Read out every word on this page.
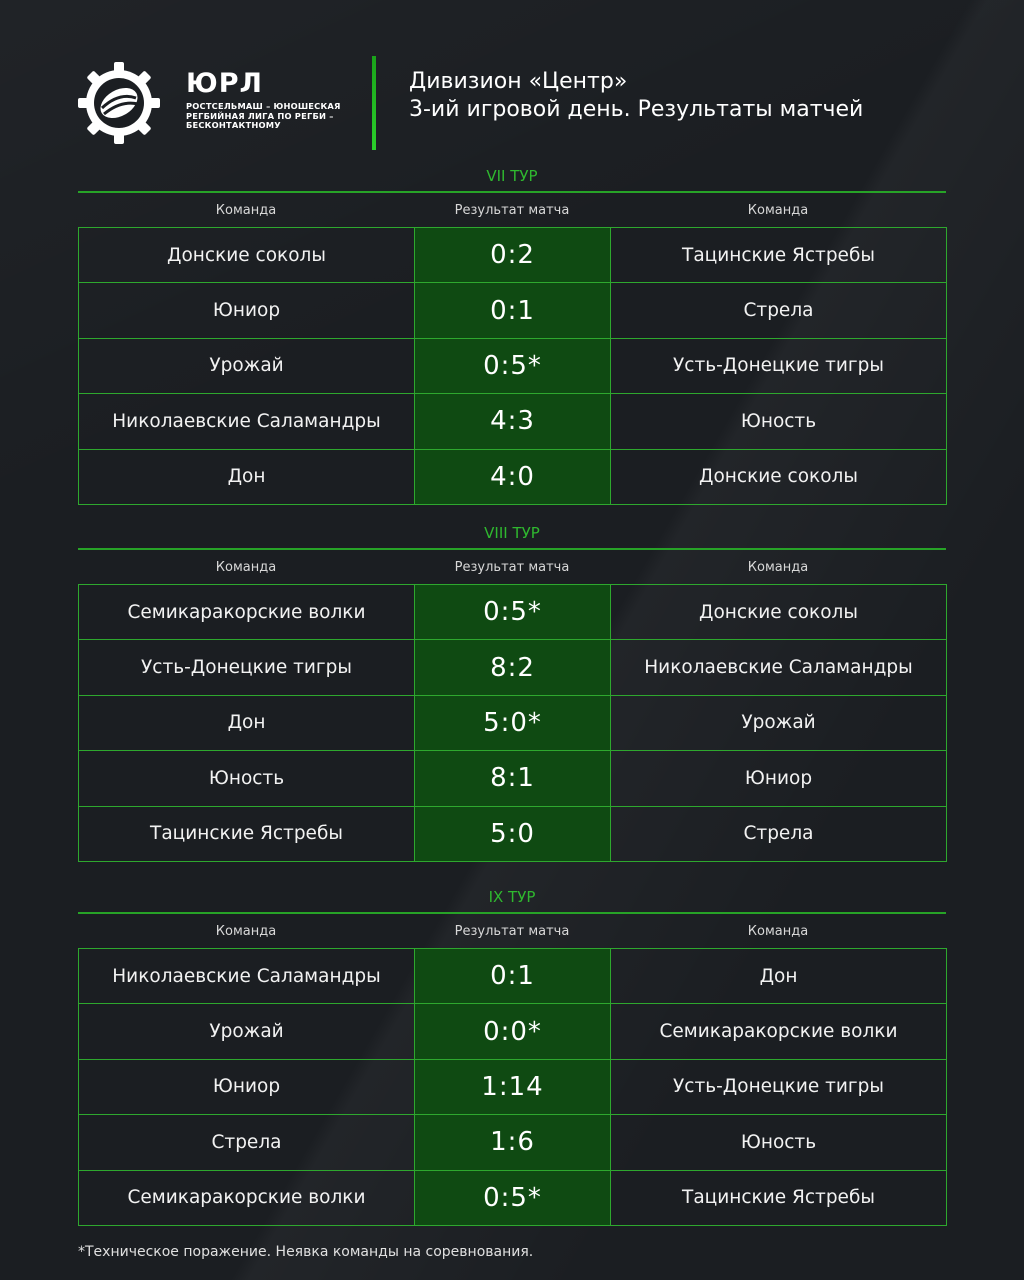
ЮРЛ
РОСТСЕЛЬМАШ – ЮНОШЕСКАЯ РЕГБИЙНАЯ ЛИГА ПО РЕГБИ – БЕСКОНТАКТНОМУ
Дивизион «Центр»
3-ий игровой день. Результаты матчей
VII ТУР
Команда	Результат матча	Команда
Донские соколы	0:2	Тацинские Ястребы
Юниор	0:1	Стрела
Урожай	0:5*	Усть-Донецкие тигры
Николаевские Саламандры	4:3	Юность
Дон	4:0	Донские соколы
VIII ТУР
Команда	Результат матча	Команда
Семикаракорские волки	0:5*	Донские соколы
Усть-Донецкие тигры	8:2	Николаевские Саламандры
Дон	5:0*	Урожай
Юность	8:1	Юниор
Тацинские Ястребы	5:0	Стрела
IX ТУР
Команда	Результат матча	Команда
Николаевские Саламандры	0:1	Дон
Урожай	0:0*	Семикаракорские волки
Юниор	1:14	Усть-Донецкие тигры
Стрела	1:6	Юность
Семикаракорские волки	0:5*	Тацинские Ястребы
*Техническое поражение. Неявка команды на соревнования.
